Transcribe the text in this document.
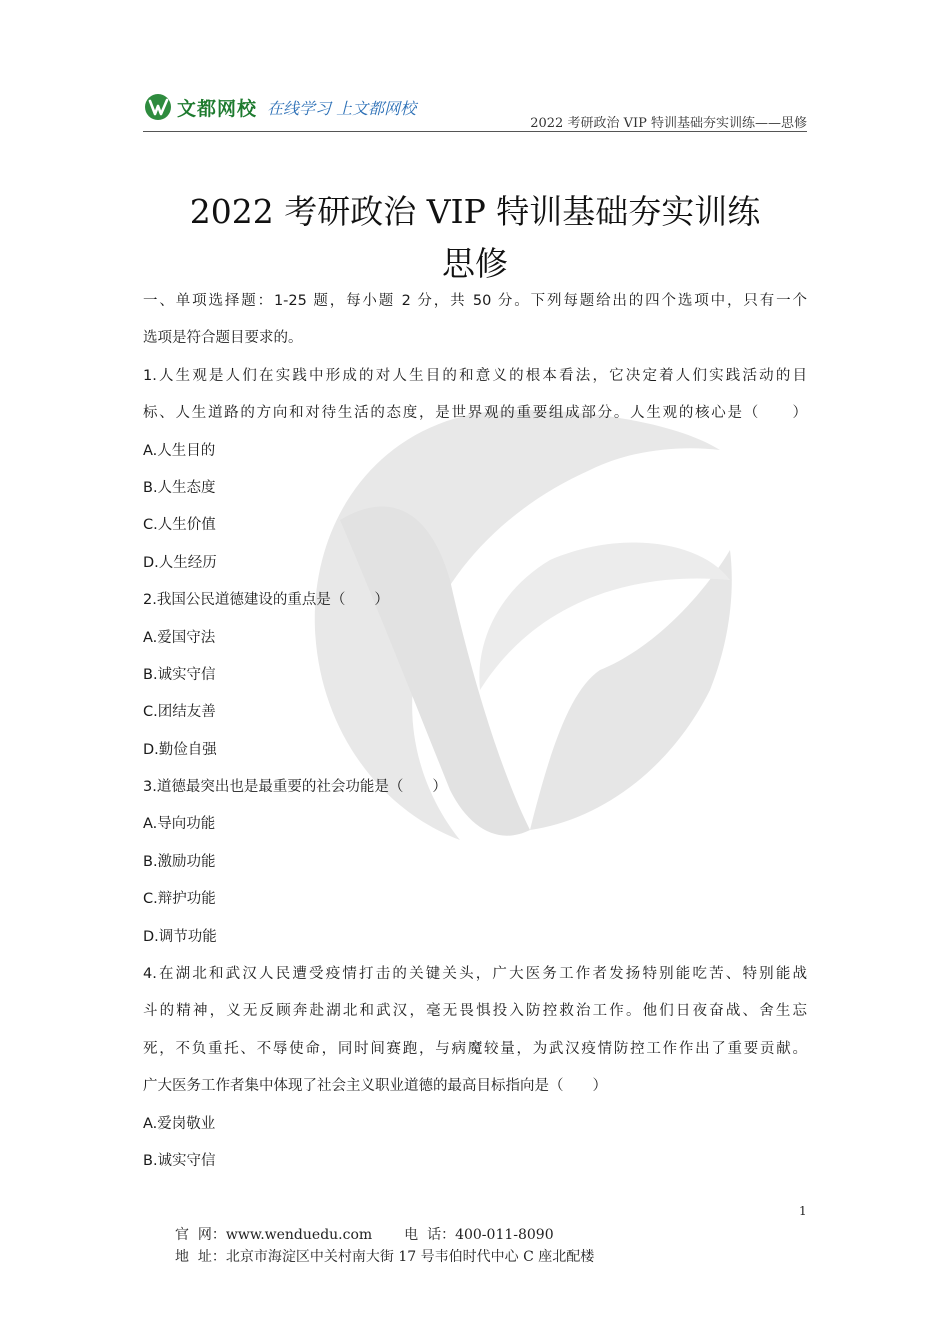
文都网校 在线学习 上文都网校
2022 考研政治 VIP 特训基础夯实训练——思修
2022 考研政治 VIP 特训基础夯实训练
思修
一、单项选择题：1-25 题，每小题 2 分，共 50 分。下列每题给出的四个选项中，只有一个
选项是符合题目要求的。
1.人生观是人们在实践中形成的对人生目的和意义的根本看法，它决定着人们实践活动的目
标、人生道路的方向和对待生活的态度，是世界观的重要组成部分。人生观的核心是（　　）
A.人生目的
B.人生态度
C.人生价值
D.人生经历
2.我国公民道德建设的重点是（　　）
A.爱国守法
B.诚实守信
C.团结友善
D.勤俭自强
3.道德最突出也是最重要的社会功能是（　　）
A.导向功能
B.激励功能
C.辩护功能
D.调节功能
4.在湖北和武汉人民遭受疫情打击的关键关头，广大医务工作者发扬特别能吃苦、特别能战
斗的精神，义无反顾奔赴湖北和武汉，毫无畏惧投入防控救治工作。他们日夜奋战、舍生忘
死，不负重托、不辱使命，同时间赛跑，与病魔较量，为武汉疫情防控工作作出了重要贡献。
广大医务工作者集中体现了社会主义职业道德的最高目标指向是（　　）
A.爱岗敬业
B.诚实守信
1
官  网：www.wenduedu.com 电  话：400-011-8090
地  址：北京市海淀区中关村南大街 17 号韦伯时代中心 C 座北配楼
